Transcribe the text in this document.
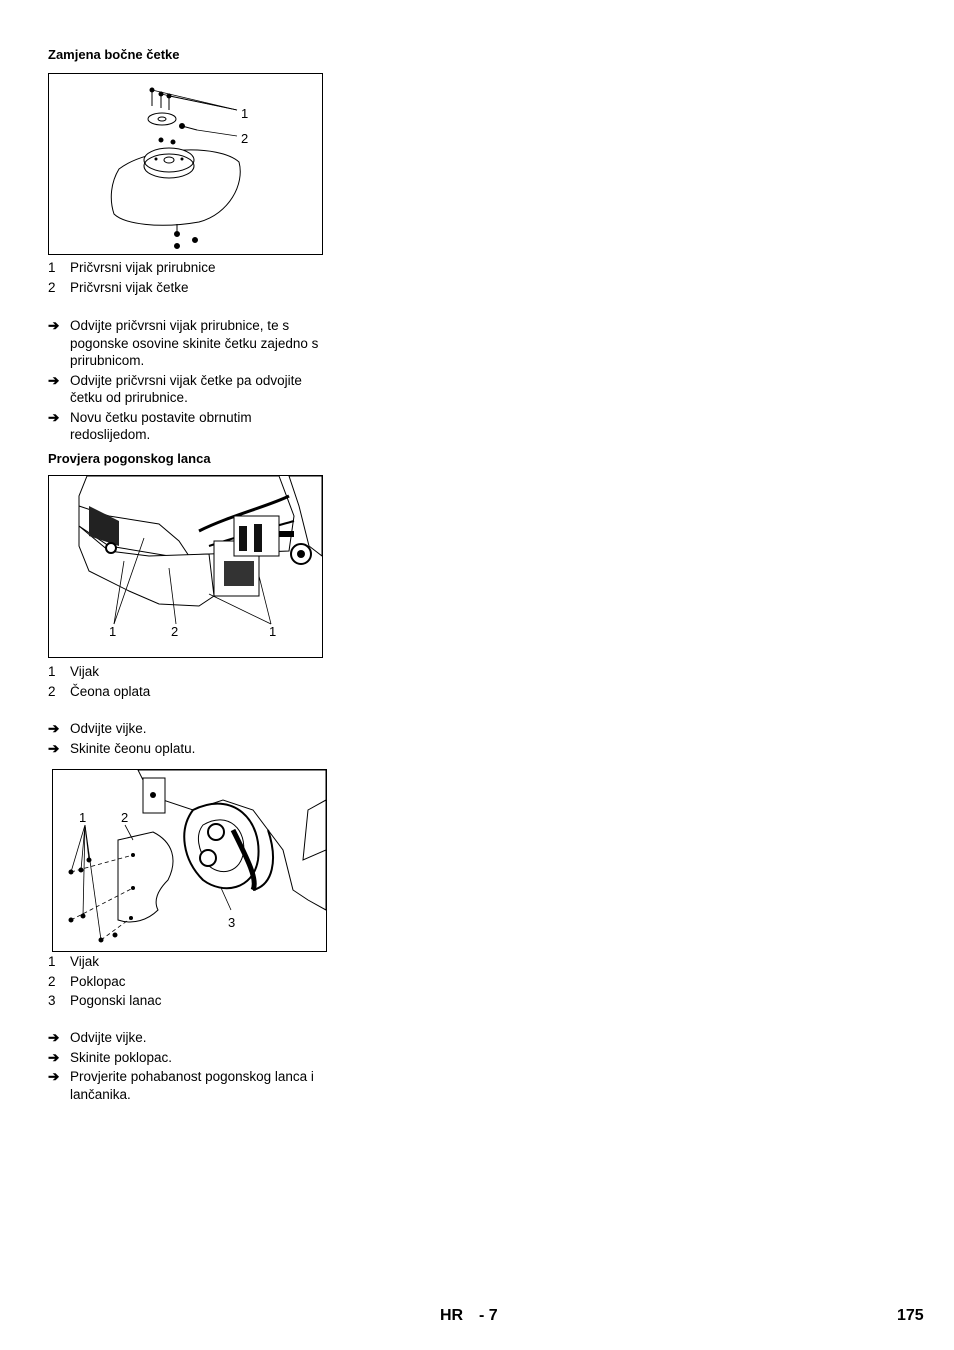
Zamjena bočne četke
1
2
1	Pričvrsni vijak prirubnice
2	Pričvrsni vijak četke
➔ Odvijte pričvrsni vijak prirubnice, te s pogonske osovine skinite četku zajedno s prirubnicom.
➔ Odvijte pričvrsni vijak četke pa odvojite četku od prirubnice.
➔ Novu četku postavite obrnutim redoslijedom.
Provjera pogonskog lanca
1	2	1
1	Vijak
2	Čeona oplata
➔ Odvijte vijke.
➔ Skinite čeonu oplatu.
1	2
3
1	Vijak
2	Poklopac
3	Pogonski lanac
➔ Odvijte vijke.
➔ Skinite poklopac.
➔ Provjerite pohabanost pogonskog lanca i lančanika.
HR - 7	175
